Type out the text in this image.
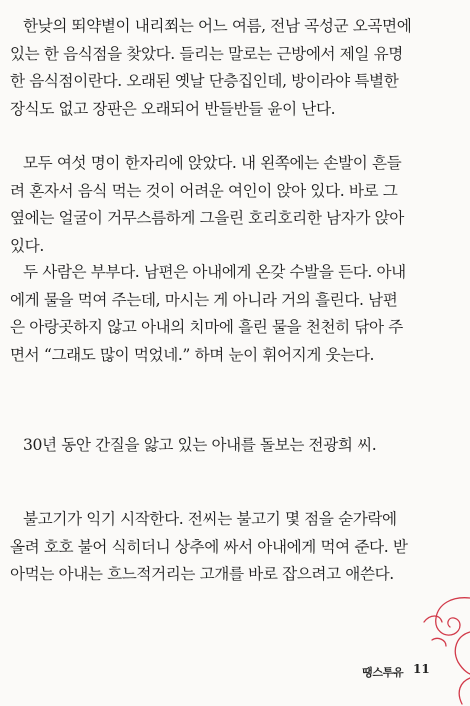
한낮의 뙤약볕이 내리쬐는 어느 여름, 전남 곡성군 오곡면에
있는 한 음식점을 찾았다. 들리는 말로는 근방에서 제일 유명
한 음식점이란다. 오래된 옛날 단층집인데, 방이라야 특별한
장식도 없고 장판은 오래되어 반들반들 윤이 난다.
모두 여섯 명이 한자리에 앉았다. 내 왼쪽에는 손발이 흔들
려 혼자서 음식 먹는 것이 어려운 여인이 앉아 있다. 바로 그
옆에는 얼굴이 거무스름하게 그을린 호리호리한 남자가 앉아
있다.
두 사람은 부부다. 남편은 아내에게 온갖 수발을 든다. 아내
에게 물을 먹여 주는데, 마시는 게 아니라 거의 흘린다. 남편
은 아랑곳하지 않고 아내의 치마에 흘린 물을 천천히 닦아 주
면서 “그래도 많이 먹었네.” 하며 눈이 휘어지게 웃는다.
30년 동안 간질을 앓고 있는 아내를 돌보는 전광희 씨.
불고기가 익기 시작한다. 전씨는 불고기 몇 점을 숟가락에
올려 호호 불어 식히더니 상추에 싸서 아내에게 먹여 준다. 받
아먹는 아내는 흐느적거리는 고개를 바로 잡으려고 애쓴다.
땡스투유 11
